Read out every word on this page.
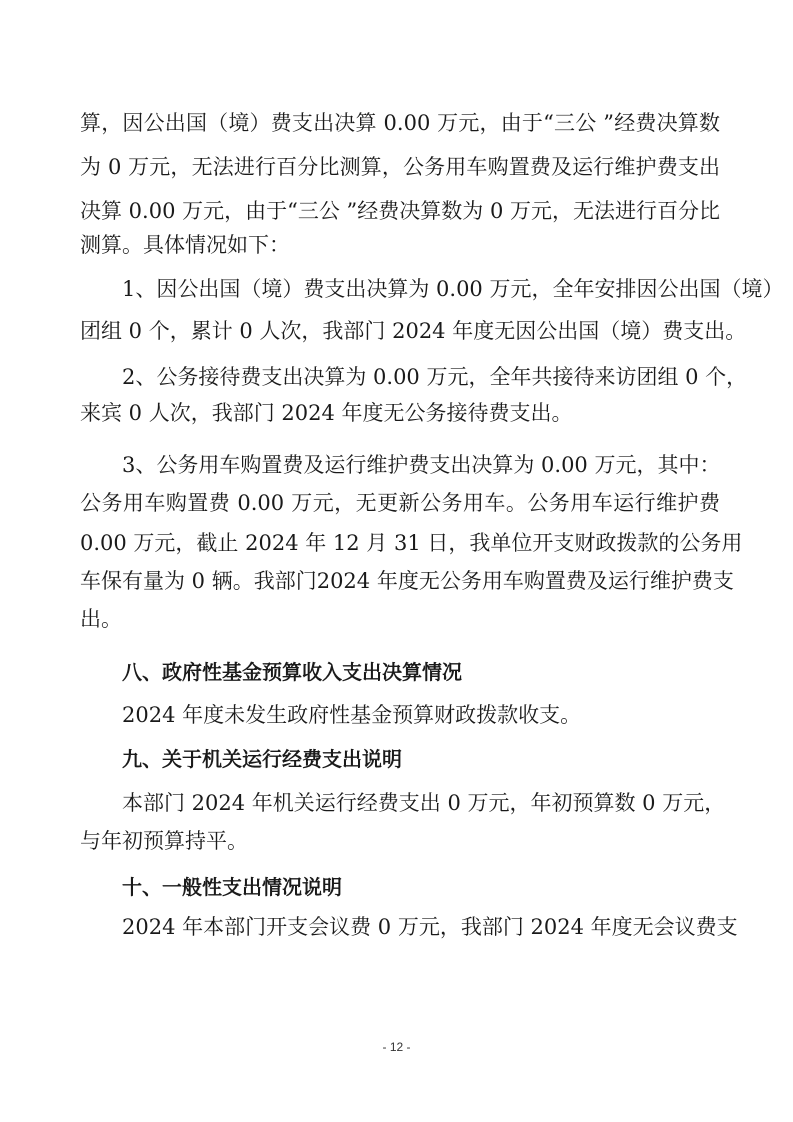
算，因公出国（境）费支出决算 0.00 万元，由于“三公 ”经费决算数
为 0 万元，无法进行百分比测算，公务用车购置费及运行维护费支出
决算 0.00 万元，由于“三公 ”经费决算数为 0 万元，无法进行百分比
测算。具体情况如下：
1、因公出国（境）费支出决算为 0.00 万元，全年安排因公出国（境）
团组 0 个，累计 0 人次，我部门 2024 年度无因公出国（境）费支出。
2、公务接待费支出决算为 0.00 万元，全年共接待来访团组 0 个，
来宾 0 人次，我部门 2024 年度无公务接待费支出。
3、公务用车购置费及运行维护费支出决算为 0.00 万元，其中：
公务用车购置费 0.00 万元，无更新公务用车。公务用车运行维护费
0.00 万元，截止 2024 年 12 月 31 日，我单位开支财政拨款的公务用
车保有量为 0 辆。我部门2024 年度无公务用车购置费及运行维护费支
出。
八、政府性基金预算收入支出决算情况
2024 年度未发生政府性基金预算财政拨款收支。
九、关于机关运行经费支出说明
本部门 2024 年机关运行经费支出 0 万元，年初预算数 0 万元，
与年初预算持平。
十、一般性支出情况说明
2024 年本部门开支会议费 0 万元，我部门 2024 年度无会议费支
- 12 -
